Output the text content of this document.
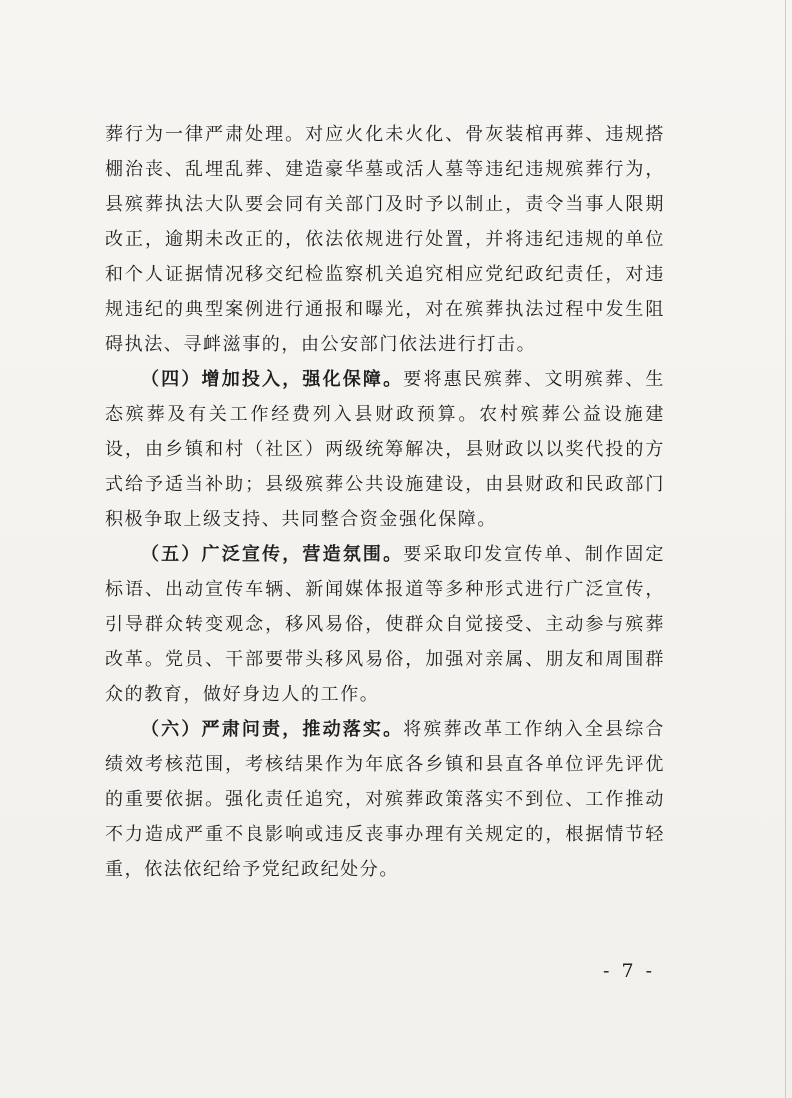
葬行为一律严肃处理。对应火化未火化、骨灰装棺再葬、违规搭棚治丧、乱埋乱葬、建造豪华墓或活人墓等违纪违规殡葬行为，县殡葬执法大队要会同有关部门及时予以制止，责令当事人限期改正，逾期未改正的，依法依规进行处置，并将违纪违规的单位和个人证据情况移交纪检监察机关追究相应党纪政纪责任，对违规违纪的典型案例进行通报和曝光，对在殡葬执法过程中发生阻碍执法、寻衅滋事的，由公安部门依法进行打击。

（四）增加投入，强化保障。要将惠民殡葬、文明殡葬、生态殡葬及有关工作经费列入县财政预算。农村殡葬公益设施建设，由乡镇和村（社区）两级统筹解决，县财政以以奖代投的方式给予适当补助；县级殡葬公共设施建设，由县财政和民政部门积极争取上级支持、共同整合资金强化保障。

（五）广泛宣传，营造氛围。要采取印发宣传单、制作固定标语、出动宣传车辆、新闻媒体报道等多种形式进行广泛宣传，引导群众转变观念，移风易俗，使群众自觉接受、主动参与殡葬改革。党员、干部要带头移风易俗，加强对亲属、朋友和周围群众的教育，做好身边人的工作。

（六）严肃问责，推动落实。将殡葬改革工作纳入全县综合绩效考核范围，考核结果作为年底各乡镇和县直各单位评先评优的重要依据。强化责任追究，对殡葬政策落实不到位、工作推动不力造成严重不良影响或违反丧事办理有关规定的，根据情节轻重，依法依纪给予党纪政纪处分。

- 7 -
